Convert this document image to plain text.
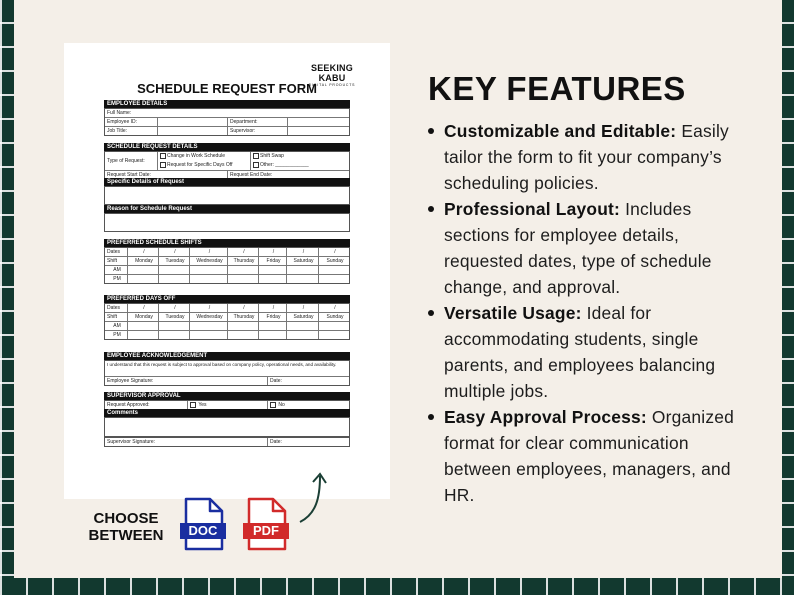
SEEKING KABU
DIGITAL PRODUCTS
SCHEDULE REQUEST FORM
EMPLOYEE DETAILS
Full Name:
Employee ID:	Department:
Job Title:	Supervisor:
SCHEDULE REQUEST DETAILS
Type of Request:
Change in Work Schedule
Request for Specific Days Off
Shift Swap
Other: ____________
Request Start Date:	Request End Date:
Specific Details of Request
Reason for Schedule Request
PREFERRED SCHEDULE SHIFTS
Dates	/	/	/	/	/	/	/
Shift	Monday	Tuesday	Wednesday	Thursday	Friday	Saturday	Sunday
AM
PM
PREFERRED DAYS OFF
Dates	/	/	/	/	/	/	/
Shift	Monday	Tuesday	Wednesday	Thursday	Friday	Saturday	Sunday
AM
PM
EMPLOYEE ACKNOWLEDGEMENT
I understand that this request is subject to approval based on company policy, operational needs, and availability.
Employee Signature:	Date:
SUPERVISOR APPROVAL
Request Approved:	Yes	No
Comments
Supervisor Signature:	Date:
KEY FEATURES
Customizable and Editable: Easily tailor the form to fit your company’s scheduling policies.
Professional Layout: Includes sections for employee details, requested dates, type of schedule change, and approval.
Versatile Usage: Ideal for accommodating students, single parents, and employees balancing multiple jobs.
Easy Approval Process: Organized format for clear communication between employees, managers, and HR.
CHOOSE
BETWEEN	DOC	PDF
